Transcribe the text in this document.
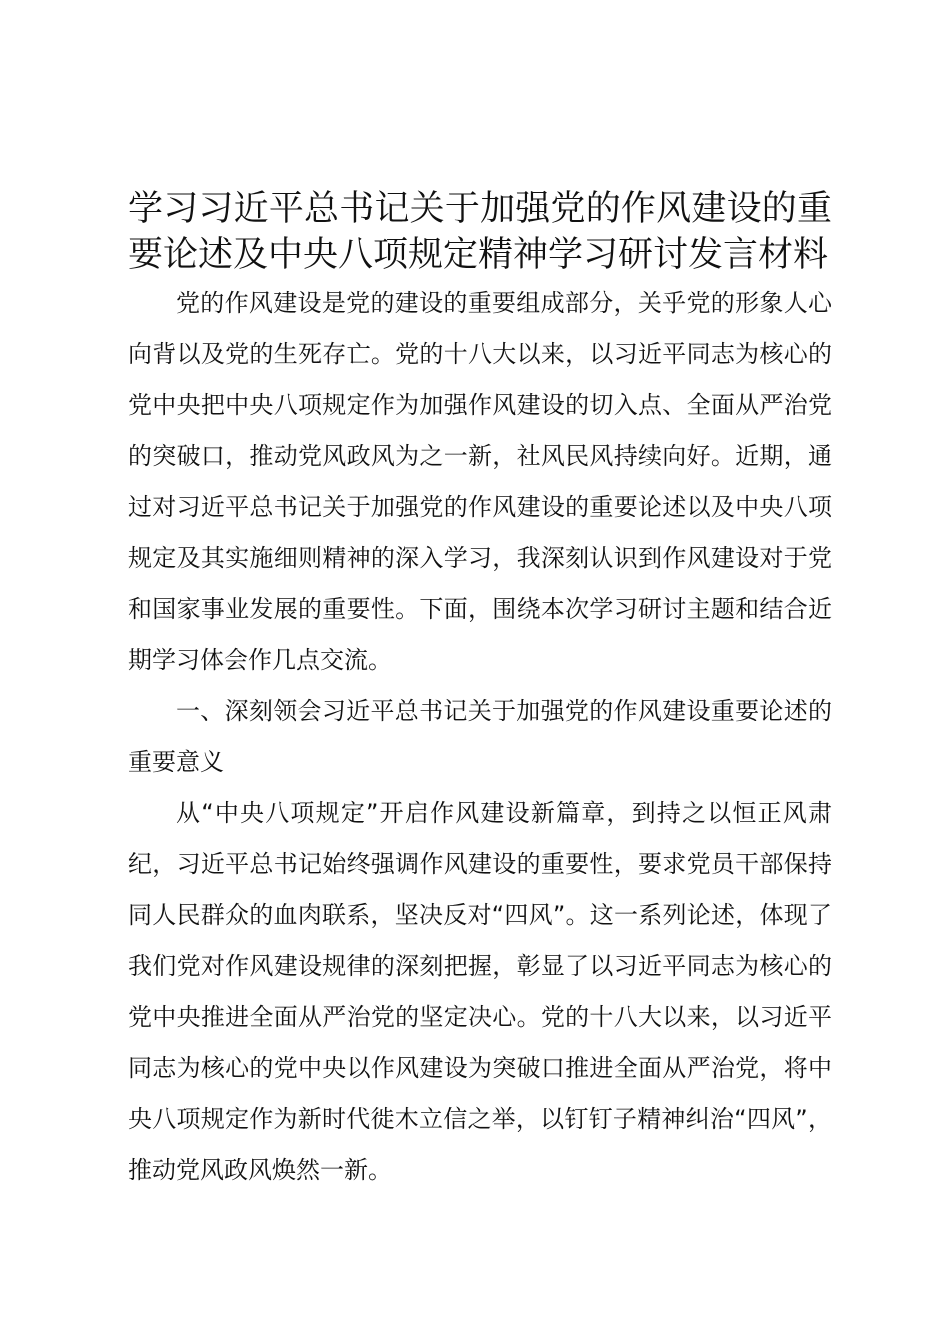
学习习近平总书记关于加强党的作风建设的重要论述及中央八项规定精神学习研讨发言材料

党的作风建设是党的建设的重要组成部分，关乎党的形象人心向背以及党的生死存亡。党的十八大以来，以习近平同志为核心的党中央把中央八项规定作为加强作风建设的切入点、全面从严治党的突破口，推动党风政风为之一新，社风民风持续向好。近期，通过对习近平总书记关于加强党的作风建设的重要论述以及中央八项规定及其实施细则精神的深入学习，我深刻认识到作风建设对于党和国家事业发展的重要性。下面，围绕本次学习研讨主题和结合近期学习体会作几点交流。

一、深刻领会习近平总书记关于加强党的作风建设重要论述的重要意义

从“中央八项规定”开启作风建设新篇章，到持之以恒正风肃纪，习近平总书记始终强调作风建设的重要性，要求党员干部保持同人民群众的血肉联系，坚决反对“四风”。这一系列论述，体现了我们党对作风建设规律的深刻把握，彰显了以习近平同志为核心的党中央推进全面从严治党的坚定决心。党的十八大以来，以习近平同志为核心的党中央以作风建设为突破口推进全面从严治党，将中央八项规定作为新时代徙木立信之举，以钉钉子精神纠治“四风”，推动党风政风焕然一新。
